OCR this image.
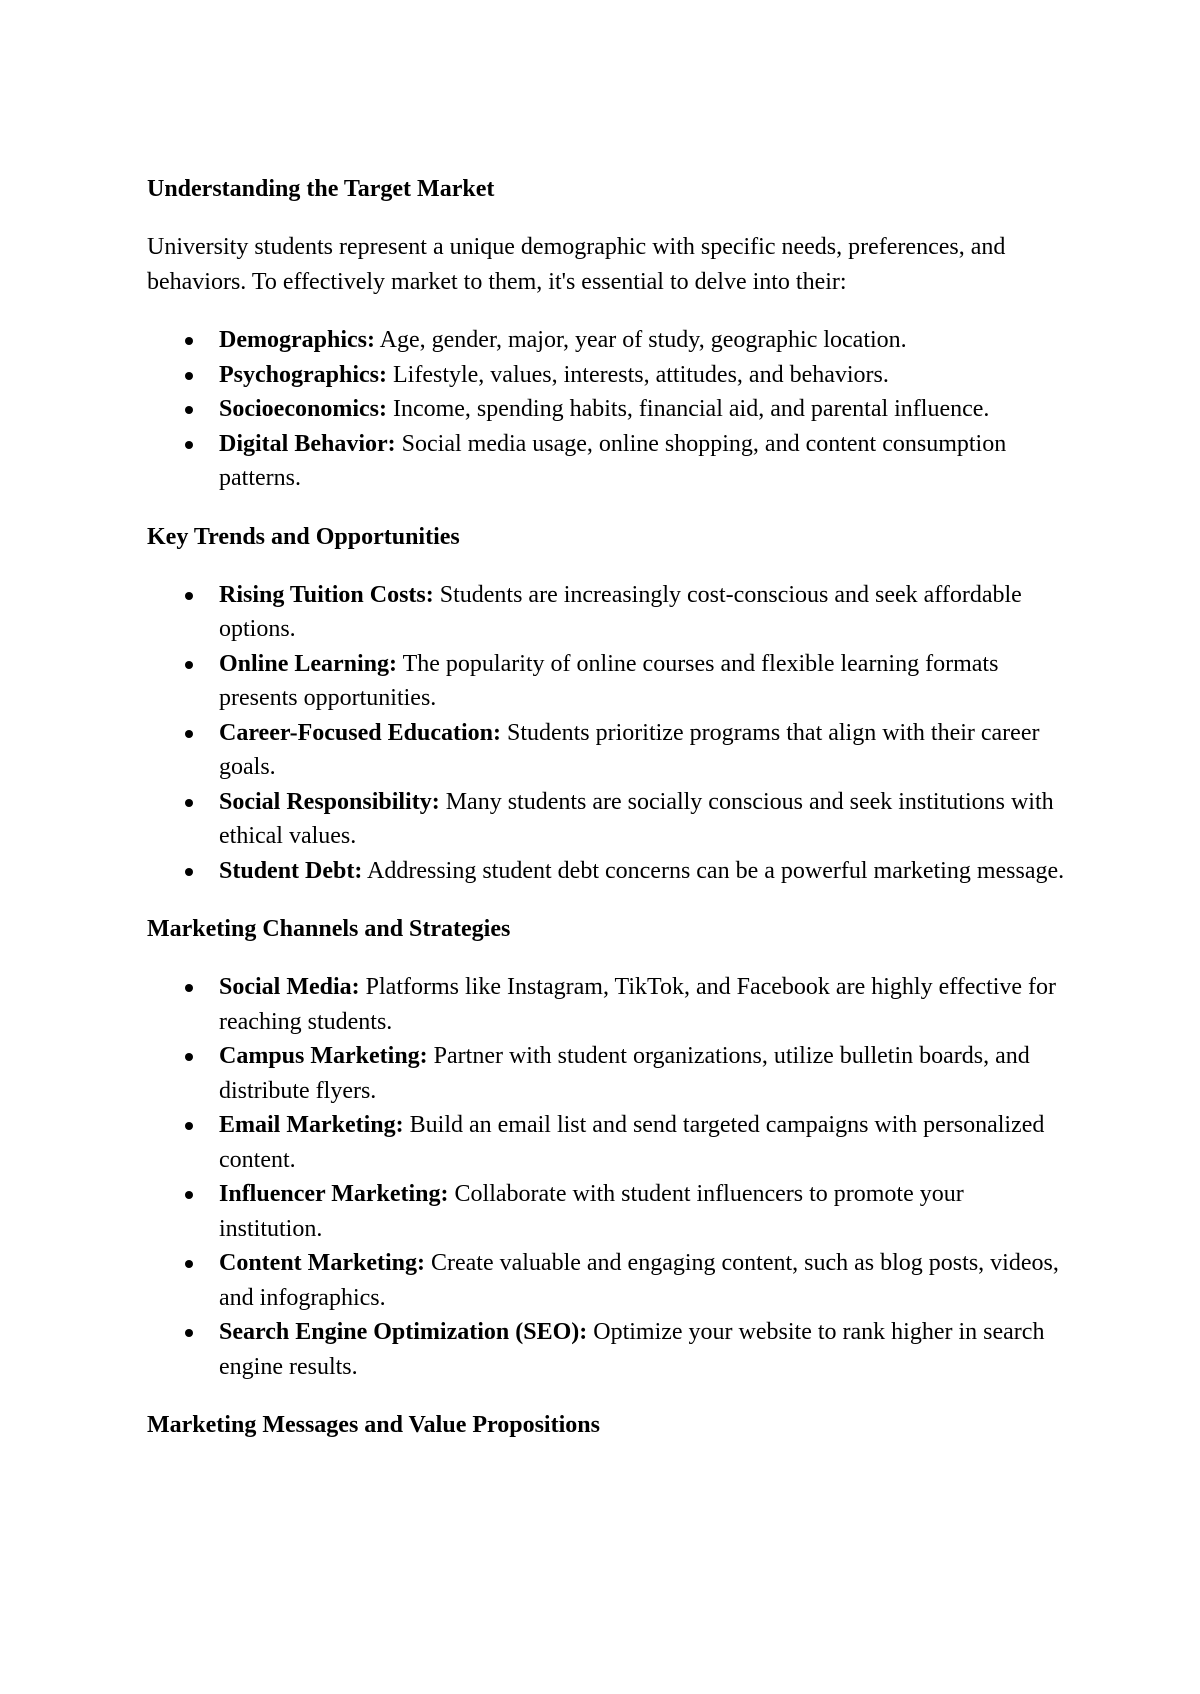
Understanding the Target Market

University students represent a unique demographic with specific needs, preferences, and behaviors. To effectively market to them, it's essential to delve into their:

Demographics: Age, gender, major, year of study, geographic location.
Psychographics: Lifestyle, values, interests, attitudes, and behaviors.
Socioeconomics: Income, spending habits, financial aid, and parental influence.
Digital Behavior: Social media usage, online shopping, and content consumption patterns.
Key Trends and Opportunities
Rising Tuition Costs: Students are increasingly cost-conscious and seek affordable options.
Online Learning: The popularity of online courses and flexible learning formats presents opportunities.
Career-Focused Education: Students prioritize programs that align with their career goals.
Social Responsibility: Many students are socially conscious and seek institutions with ethical values.
Student Debt: Addressing student debt concerns can be a powerful marketing message.
Marketing Channels and Strategies
Social Media: Platforms like Instagram, TikTok, and Facebook are highly effective for reaching students.
Campus Marketing: Partner with student organizations, utilize bulletin boards, and distribute flyers.
Email Marketing: Build an email list and send targeted campaigns with personalized content.
Influencer Marketing: Collaborate with student influencers to promote your institution.
Content Marketing: Create valuable and engaging content, such as blog posts, videos, and infographics.
Search Engine Optimization (SEO): Optimize your website to rank higher in search engine results.
Marketing Messages and Value Propositions
